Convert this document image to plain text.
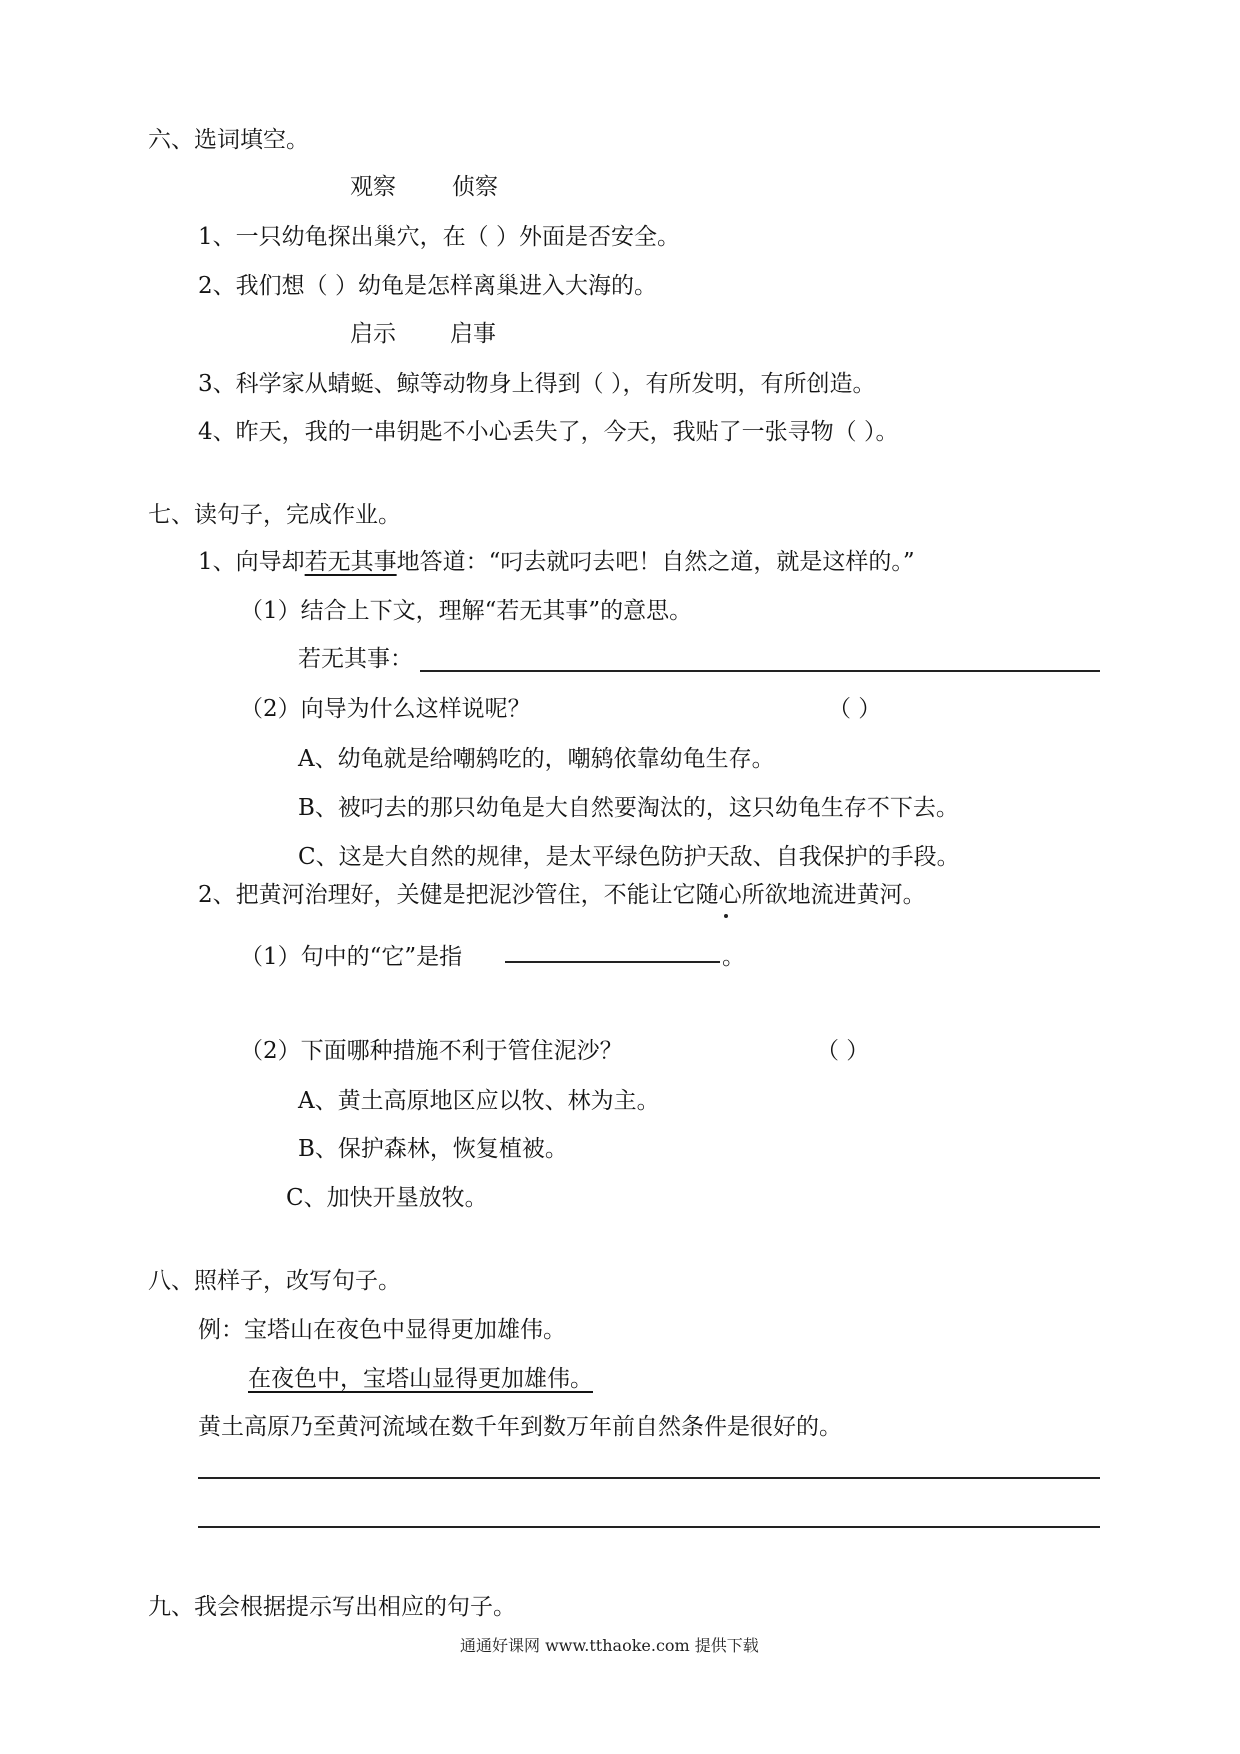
六、选词填空。
观察 侦察
1、一只幼龟探出巢穴，在（ ）外面是否安全。
2、我们想（ ）幼龟是怎样离巢进入大海的。
启示 启事
3、科学家从蜻蜓、鲸等动物身上得到（ ），有所发明，有所创造。
4、昨天，我的一串钥匙不小心丢失了，今天，我贴了一张寻物（ ）。
七、读句子，完成作业。
1、向导却若无其事地答道：“叼去就叼去吧！自然之道，就是这样的。”
（1）结合上下文，理解“若无其事”的意思。
若无其事：
（2）向导为什么这样说呢？	（ ）
A、幼龟就是给嘲鸫吃的，嘲鸫依靠幼龟生存。
B、被叼去的那只幼龟是大自然要淘汰的，这只幼龟生存不下去。
C、这是大自然的规律，是太平绿色防护天敌、自我保护的手段。
2、把黄河治理好，关健是把泥沙管住，不能让它随心所欲地流进黄河。
（1）句中的“它”是指	。
（2）下面哪种措施不利于管住泥沙？	（ ）
A、黄土高原地区应以牧、林为主。
B、保护森林，恢复植被。
C、加快开垦放牧。
八、照样子，改写句子。
例：宝塔山在夜色中显得更加雄伟。
在夜色中，宝塔山显得更加雄伟。
黄土高原乃至黄河流域在数千年到数万年前自然条件是很好的。
九、我会根据提示写出相应的句子。
通通好课网 www.tthaoke.com 提供下载
